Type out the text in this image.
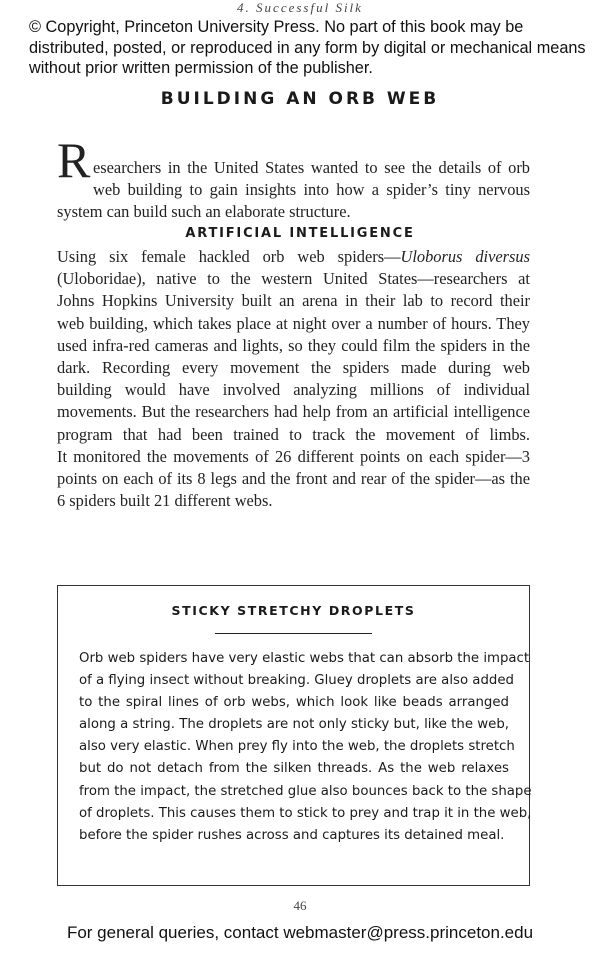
4. Successful Silk
© Copyright, Princeton University Press. No part of this book may be distributed, posted, or reproduced in any form by digital or mechanical means without prior written permission of the publisher.
BUILDING AN ORB WEB
R esearchers in the United States wanted to see the details of orb
web building to gain insights into how a spider’s tiny nervous
system can build such an elaborate structure.
ARTIFICIAL INTELLIGENCE
Using six female hackled orb web spiders—Uloborus diversus
(Uloboridae), native to the western United States—researchers at
Johns Hopkins University built an arena in their lab to record their
web building, which takes place at night over a number of hours. They
used infra-red cameras and lights, so they could film the spiders in the
dark. Recording every movement the spiders made during web
building would have involved analyzing millions of individual
movements. But the researchers had help from an artificial intelligence
program that had been trained to track the movement of limbs.
It monitored the movements of 26 different points on each spider—3
points on each of its 8 legs and the front and rear of the spider—as the
6 spiders built 21 different webs.
STICKY STRETCHY DROPLETS
Orb web spiders have very elastic webs that can absorb the impact
of a flying insect without breaking. Gluey droplets are also added
to the spiral lines of orb webs, which look like beads arranged
along a string. The droplets are not only sticky but, like the web,
also very elastic. When prey fly into the web, the droplets stretch
but do not detach from the silken threads. As the web relaxes
from the impact, the stretched glue also bounces back to the shape
of droplets. This causes them to stick to prey and trap it in the web,
before the spider rushes across and captures its detained meal.
46
For general queries, contact webmaster@press.princeton.edu
